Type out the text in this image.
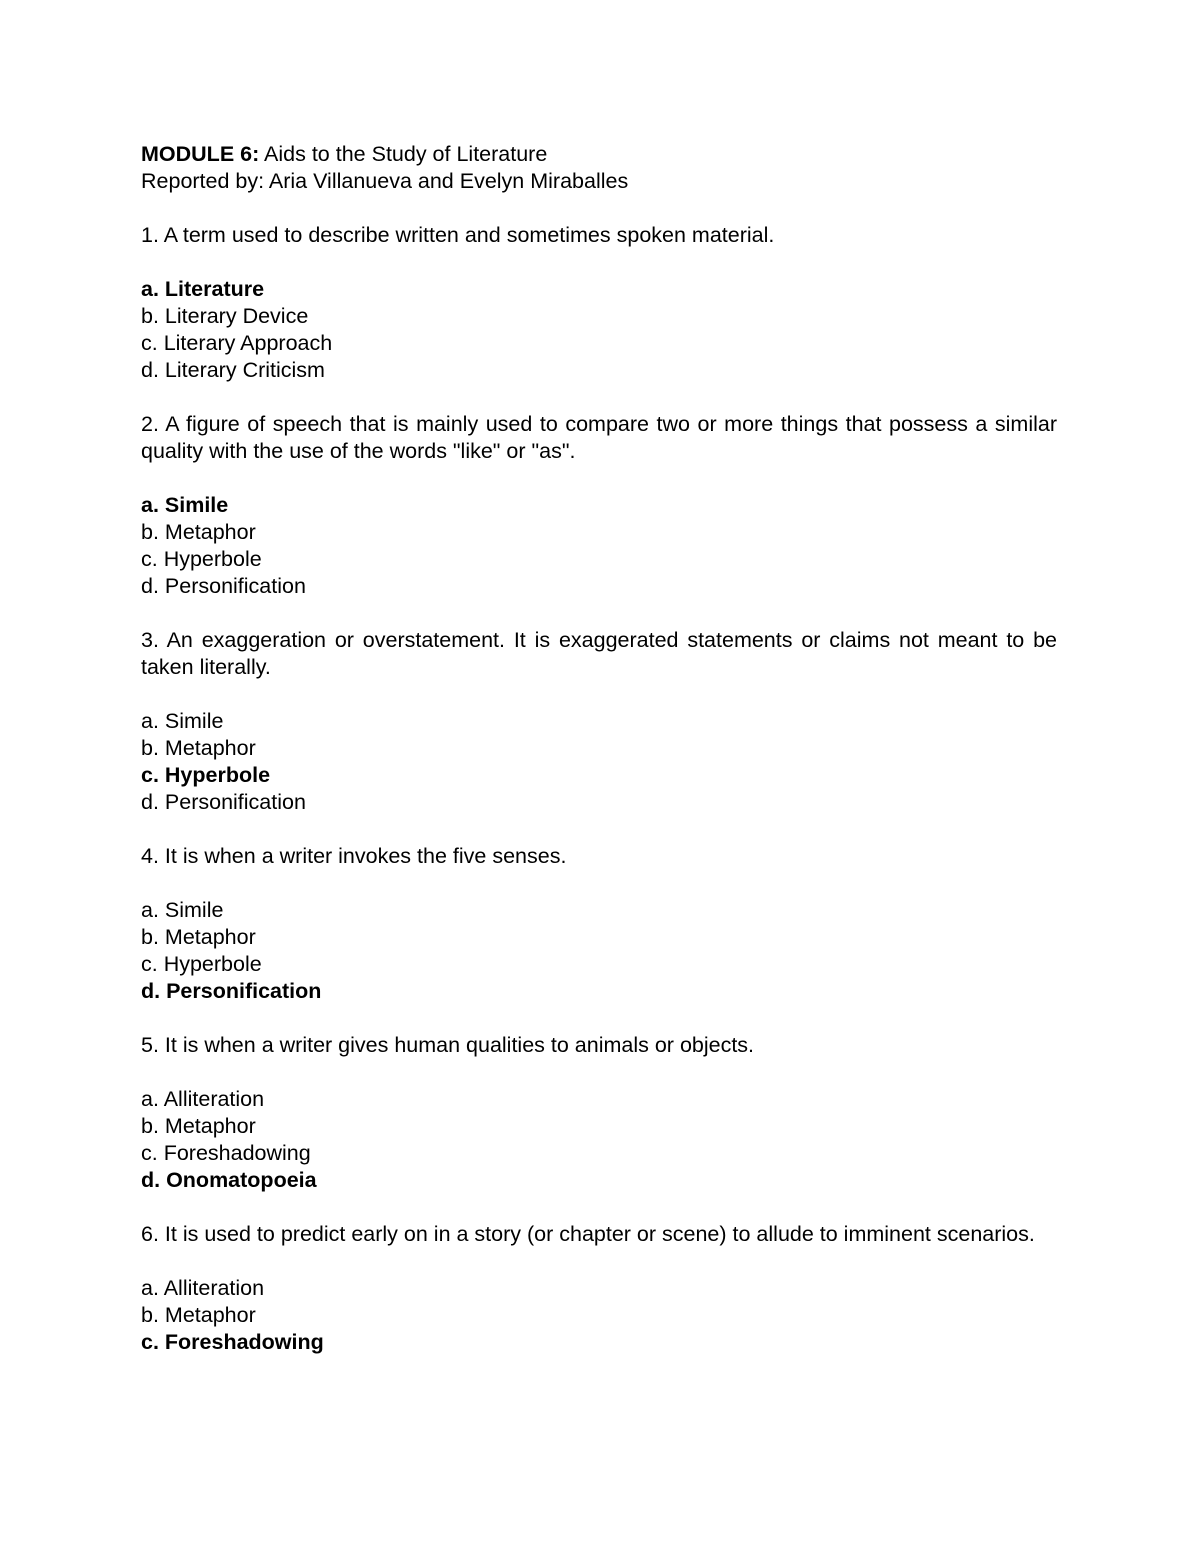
MODULE 6: Aids to the Study of Literature
Reported by: Aria Villanueva and Evelyn Miraballes
1. A term used to describe written and sometimes spoken material.
a. Literature
b. Literary Device
c. Literary Approach
d. Literary Criticism
2. A figure of speech that is mainly used to compare two or more things that possess a similar quality with the use of the words "like" or "as".
a. Simile
b. Metaphor
c. Hyperbole
d. Personification
3. An exaggeration or overstatement. It is exaggerated statements or claims not meant to be taken literally.
a. Simile
b. Metaphor
c. Hyperbole
d. Personification
4. It is when a writer invokes the five senses.
a. Simile
b. Metaphor
c. Hyperbole
d. Personification
5. It is when a writer gives human qualities to animals or objects.
a. Alliteration
b. Metaphor
c. Foreshadowing
d. Onomatopoeia
6. It is used to predict early on in a story (or chapter or scene) to allude to imminent scenarios.
a. Alliteration
b. Metaphor
c. Foreshadowing
